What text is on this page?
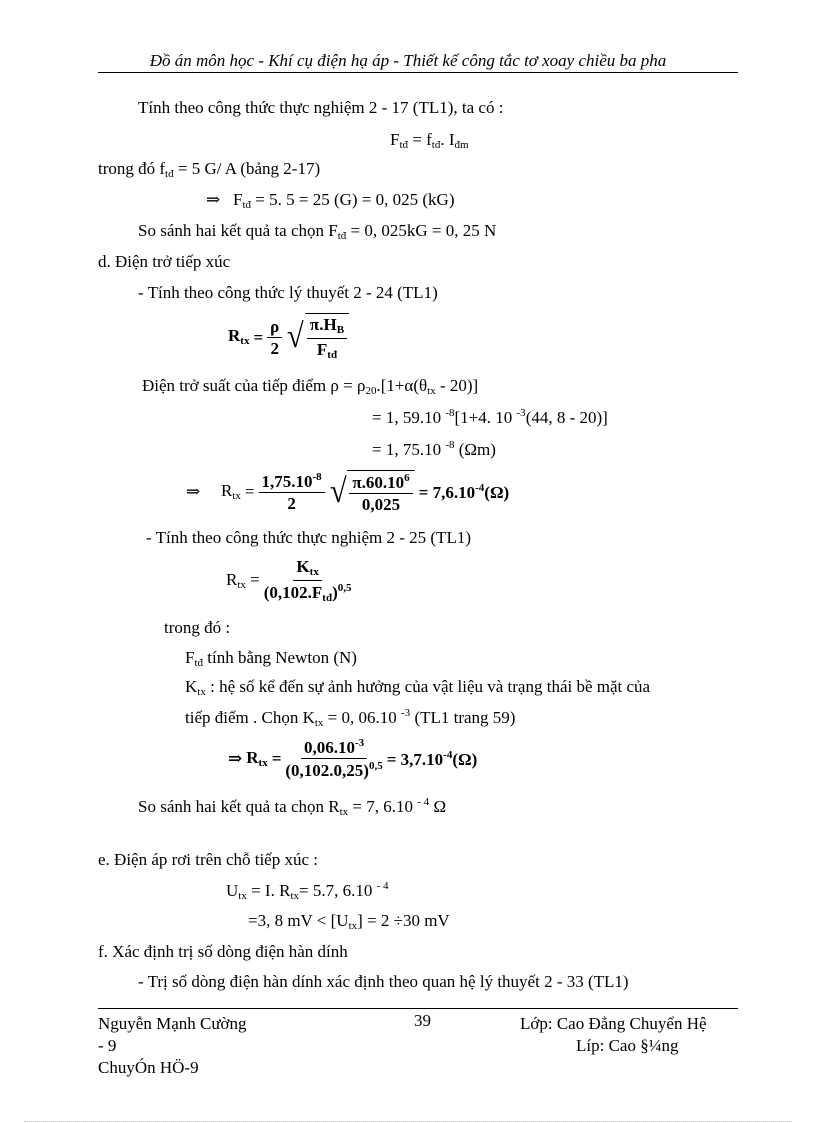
Đồ án môn học - Khí cụ điện hạ áp - Thiết kế công tắc tơ xoay chiều ba pha
Tính theo công thức thực nghiệm 2 - 17 (TL1), ta có :
$F_{tđ} = f_{tđ}$. $I_{đm}$
trong đó $f_{tđ} = 5$ G/ A (bảng 2-17)
⇒ $F_{tđ} = 5$. 5 = 25 (G) = 0, 025 (kG)
So sánh hai kết quả ta chọn $F_{tđ} = 0$, 025kG = 0, 25 N
d. Điện trở tiếp xúc
- Tính theo công thức lý thuyết 2 - 24 (TL1)
$R_{tx} = \frac{\rho}{2}$ √ $\frac{\pi.H_B}{F_{tđ}}$
Điện trở suất của tiếp điểm $\rho = \rho_{20}.[1+\alpha(\theta_{tx} - 20)]$
= 1, 59.10 $^{-8}$[1+4. 10 $^{-3}$(44, 8 - 20)]
= 1, 75.10 $^{-8}$ (Ωm)
⇒
$R_{tx} = \frac{1,75.10^{-8}}{2}$ √ $\frac{\pi.60.10^6}{0,025} = 7,6.10^{-4}(\Omega)$
- Tính theo công thức thực nghiệm 2 - 25 (TL1)
$R_{tx} = \frac{K_{tx}}{(0,102.F_{tđ})^{0,5}}$
trong đó :
$F_{tđ}$ tính bằng Newton (N)
$K_{tx}$ : hệ số kể đến sự ảnh hưởng của vật liệu và trạng thái bề mặt của
tiếp điểm . Chọn $K_{tx} = 0$, 06.10 $^{-3}$ (TL1 trang 59)
⇒ $R_{tx} = \frac{0,06.10^{-3}}{(0,102.0,25)^{0,5}} = 3,7.10^{-4}(\Omega)$
So sánh hai kết quả ta chọn $R_{tx} = 7$, 6.10 $^{- 4}$ Ω
e. Điện áp rơi trên chỗ tiếp xúc :
$U_{tx} = I$. $R_{tx}= 5.7$, 6.10 $^{- 4}$
=3, 8 mV < $[U_{tx}] = 2 \div 30$ mV
f. Xác định trị số dòng điện hàn dính
- Trị số dòng điện hàn dính xác định theo quan hệ lý thuyết 2 - 33 (TL1)
Nguyễn Mạnh Cường
- 9
ChuyÓn HÖ-9
39	Lớp: Cao Đẳng Chuyển Hệ
Líp: Cao §¼ng
